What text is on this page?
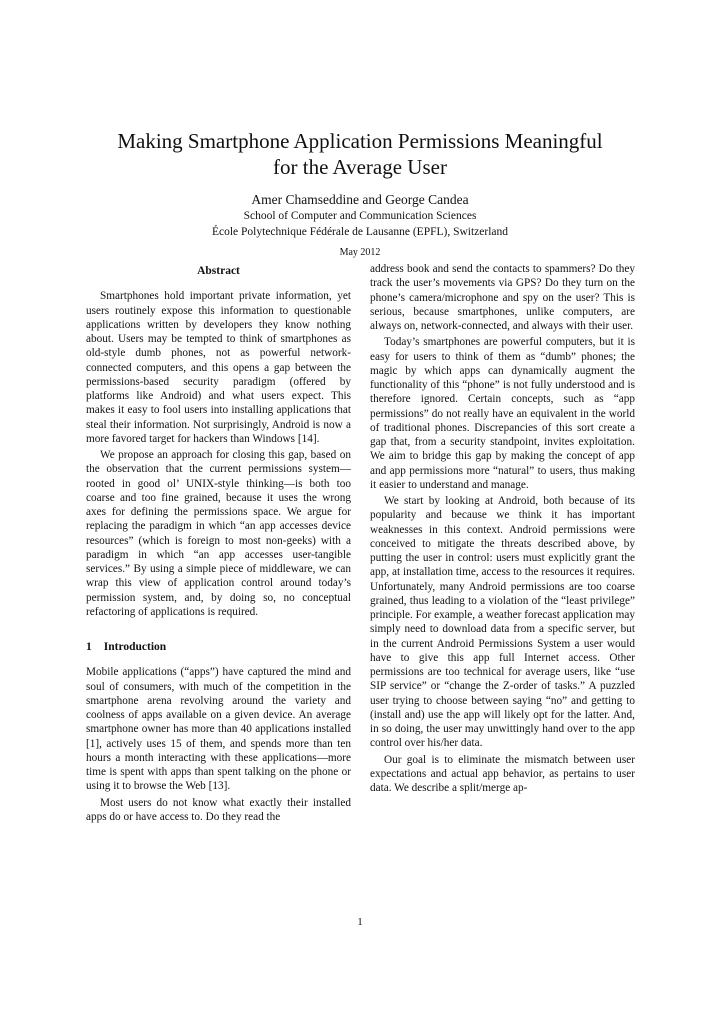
Making Smartphone Application Permissions Meaningful
for the Average User
Amer Chamseddine and George Candea
School of Computer and Communication Sciences
École Polytechnique Fédérale de Lausanne (EPFL), Switzerland
May 2012
Abstract

Smartphones hold important private information, yet users routinely expose this information to questionable applications written by developers they know nothing about. Users may be tempted to think of smartphones as old-style dumb phones, not as powerful network-connected computers, and this opens a gap between the permissions-based security paradigm (offered by platforms like Android) and what users expect. This makes it easy to fool users into installing applications that steal their information. Not surprisingly, Android is now a more favored target for hackers than Windows [14].

We propose an approach for closing this gap, based on the observation that the current permissions system—rooted in good ol’ UNIX-style thinking—is both too coarse and too fine grained, because it uses the wrong axes for defining the permissions space. We argue for replacing the paradigm in which “an app accesses device resources” (which is foreign to most non-geeks) with a paradigm in which “an app accesses user-tangible services.” By using a simple piece of middleware, we can wrap this view of application control around today’s permission system, and, by doing so, no conceptual refactoring of applications is required.

1 Introduction

Mobile applications (“apps”) have captured the mind and soul of consumers, with much of the competition in the smartphone arena revolving around the variety and coolness of apps available on a given device. An average smartphone owner has more than 40 applications installed [1], actively uses 15 of them, and spends more than ten hours a month interacting with these applications—more time is spent with apps than spent talking on the phone or using it to browse the Web [13].

Most users do not know what exactly their installed apps do or have access to. Do they read the

address book and send the contacts to spammers? Do they track the user’s movements via GPS? Do they turn on the phone’s camera/microphone and spy on the user? This is serious, because smartphones, unlike computers, are always on, network-connected, and always with their user.

Today’s smartphones are powerful computers, but it is easy for users to think of them as “dumb” phones; the magic by which apps can dynamically augment the functionality of this “phone” is not fully understood and is therefore ignored. Certain concepts, such as “app permissions” do not really have an equivalent in the world of traditional phones. Discrepancies of this sort create a gap that, from a security standpoint, invites exploitation. We aim to bridge this gap by making the concept of app and app permissions more “natural” to users, thus making it easier to understand and manage.

We start by looking at Android, both because of its popularity and because we think it has important weaknesses in this context. Android permissions were conceived to mitigate the threats described above, by putting the user in control: users must explicitly grant the app, at installation time, access to the resources it requires. Unfortunately, many Android permissions are too coarse grained, thus leading to a violation of the “least privilege” principle. For example, a weather forecast application may simply need to download data from a specific server, but in the current Android Permissions System a user would have to give this app full Internet access. Other permissions are too technical for average users, like “use SIP service” or “change the Z-order of tasks.” A puzzled user trying to choose between saying “no” and getting to (install and) use the app will likely opt for the latter. And, in so doing, the user may unwittingly hand over to the app control over his/her data.

Our goal is to eliminate the mismatch between user expectations and actual app behavior, as pertains to user data. We describe a split/merge ap-

1
